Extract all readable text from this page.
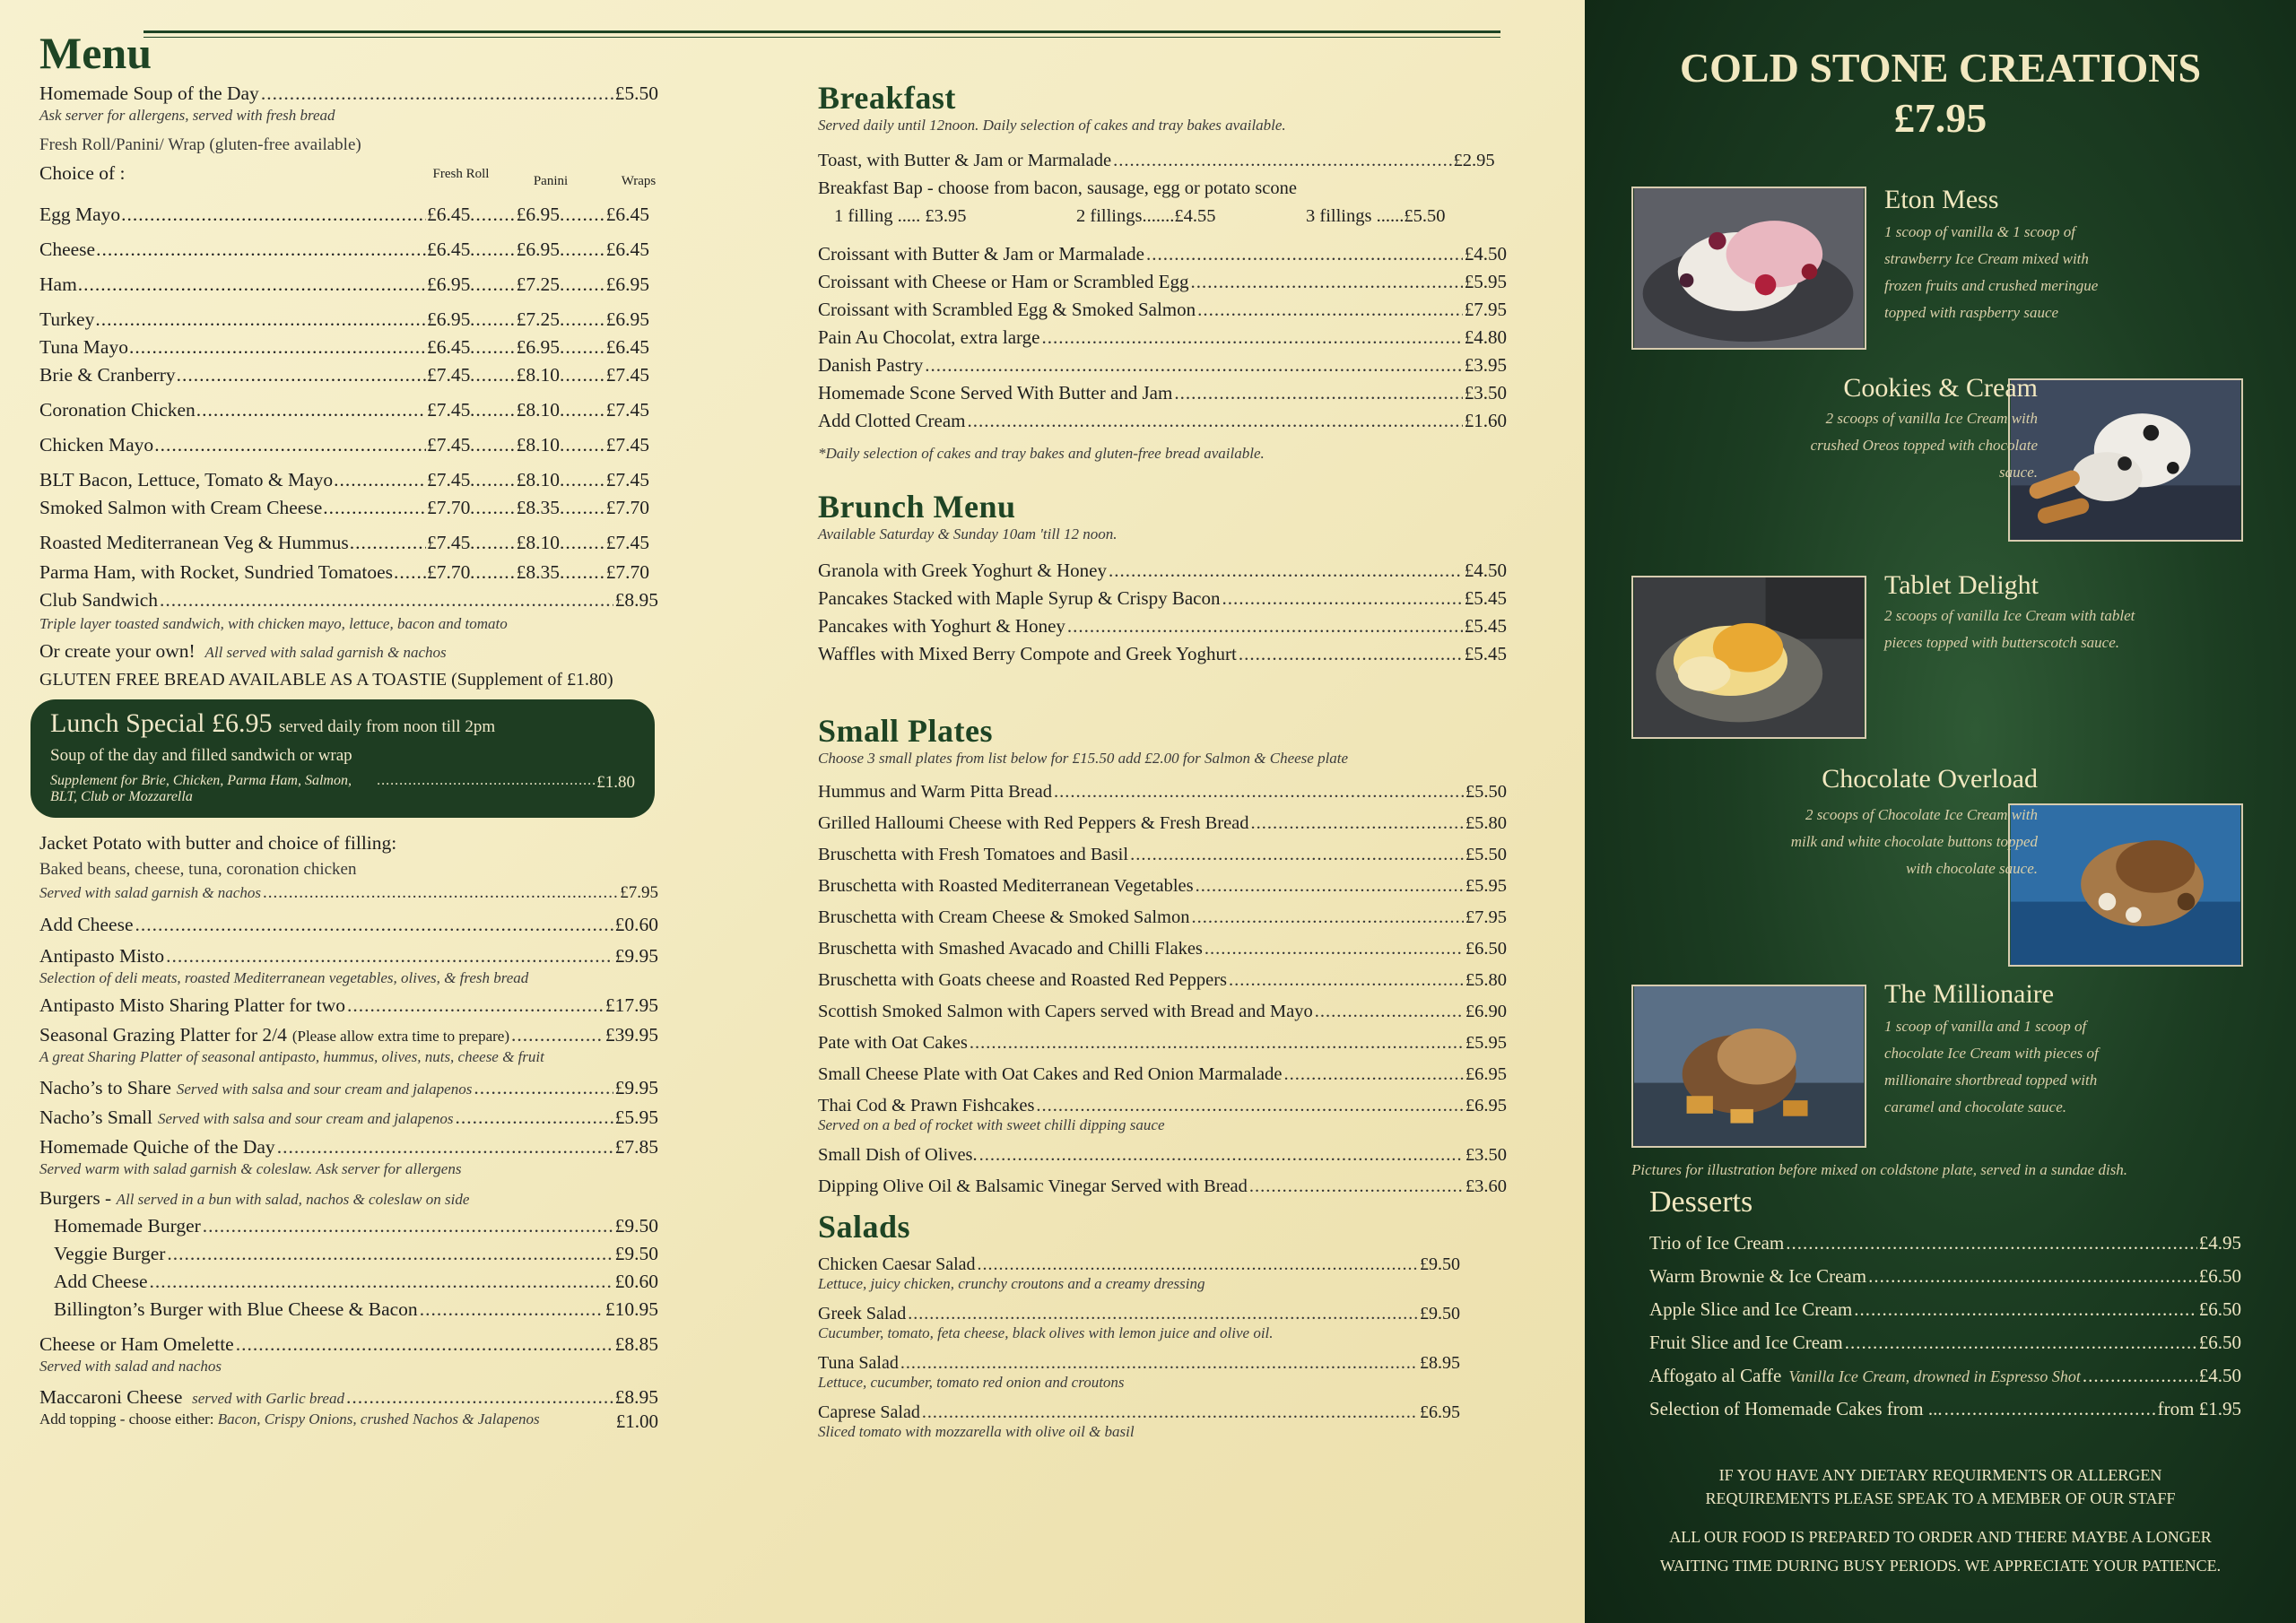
Menu
Homemade Soup of the Day .....	£5.50
Ask server for allergens, served with fresh bread
Fresh Roll/Panini/ Wrap (gluten-free available)
Choice of :	Fresh Roll	Panini	Wraps
Egg Mayo .....	£6.45 ..... £6.95 ..... £6.45
Cheese .....	£6.45 ..... £6.95 ..... £6.45
Ham .....	£6.95 ..... £7.25 ..... £6.95
Turkey .....	£6.95 ..... £7.25 ..... £6.95
Tuna Mayo .....	£6.45 ..... £6.95 ..... £6.45
Brie & Cranberry .....	£7.45 ..... £8.10 ..... £7.45
Coronation Chicken .....	£7.45 ..... £8.10 ..... £7.45
Chicken Mayo .....	£7.45 ..... £8.10 ..... £7.45
BLT Bacon, Lettuce, Tomato & Mayo .....	£7.45 ..... £8.10 ..... £7.45
Smoked Salmon with Cream Cheese .....	£7.70 ..... £8.35 ..... £7.70
Roasted Mediterranean Veg & Hummus .....	£7.45 ..... £8.10 ..... £7.45
Parma Ham, with Rocket, Sundried Tomatoes ..... £7.70 ..... £8.35 ..... £7.70
Club Sandwich .....	£8.95
Triple layer toasted sandwich, with chicken mayo, lettuce, bacon and tomato
Or create your own! All served with salad garnish & nachos
GLUTEN FREE BREAD AVAILABLE AS A TOASTIE (Supplement of £1.80)
Lunch Special £6.95 served daily from noon till 2pm
Soup of the day and filled sandwich or wrap
Supplement for Brie, Chicken, Parma Ham, Salmon, BLT, Club or Mozzarella
.....
£1.80
Jacket Potato with butter and choice of filling:
Baked beans, cheese, tuna, coronation chicken
Served with salad garnish & nachos .....	£7.95
Add Cheese .....	£0.60
Antipasto Misto .....	£9.95
Selection of deli meats, roasted Mediterranean vegetables, olives, & fresh bread
Antipasto Misto Sharing Platter for two .....	£17.95
Seasonal Grazing Platter for 2/4 (Please allow extra time to prepare) .....	£39.95
A great Sharing Platter of seasonal antipasto, hummus, olives, nuts, cheese & fruit
Nacho’s to Share Served with salsa and sour cream and jalapenos .....	£9.95
Nacho’s Small Served with salsa and sour cream and jalapenos .....	£5.95
Homemade Quiche of the Day .....	£7.85
Served warm with salad garnish & coleslaw. Ask server for allergens
Burgers - All served in a bun with salad, nachos & coleslaw on side
Homemade Burger .....	£9.50
Veggie Burger .....	£9.50
Add Cheese .....	£0.60
Billington’s Burger with Blue Cheese & Bacon .....	£10.95
Cheese or Ham Omelette .....	£8.85
Served with salad and nachos
Maccaroni Cheese
served with Garlic bread .....	£8.95
Add topping - choose either:
Bacon, Crispy Onions, crushed Nachos & Jalapenos	£1.00
Breakfast
Served daily until 12noon. Daily selection of cakes and tray bakes available.
Toast, with Butter & Jam or Marmalade .....	£2.95
Breakfast Bap - choose from bacon, sausage, egg or potato scone
1 filling ..... £3.95	2 fillings.......£4.55	3 fillings ......£5.50
Croissant with Butter & Jam or Marmalade .....	£4.50
Croissant with Cheese or Ham or Scrambled Egg .....	£5.95
Croissant with Scrambled Egg & Smoked Salmon .....	£7.95
Pain Au Chocolat, extra large .....	£4.80
Danish Pastry .....	£3.95
Homemade Scone Served With Butter and Jam .....	£3.50
Add Clotted Cream .....	£1.60
*Daily selection of cakes and tray bakes and gluten-free bread available.
Brunch Menu
Available Saturday & Sunday 10am 'till 12 noon.
Granola with Greek Yoghurt & Honey .....	£4.50
Pancakes Stacked with Maple Syrup & Crispy Bacon .....	£5.45
Pancakes with Yoghurt & Honey .....	£5.45
Waffles with Mixed Berry Compote and Greek Yoghurt .....	£5.45
Small Plates
Choose 3 small plates from list below for £15.50 add £2.00 for Salmon & Cheese plate
Hummus and Warm Pitta Bread .....	£5.50
Grilled Halloumi Cheese with Red Peppers & Fresh Bread .....	£5.80
Bruschetta with Fresh Tomatoes and Basil .....	£5.50
Bruschetta with Roasted Mediterranean Vegetables .....	£5.95
Bruschetta with Cream Cheese & Smoked Salmon .....	£7.95
Bruschetta with Smashed Avacado and Chilli Flakes .....	£6.50
Bruschetta with Goats cheese and Roasted Red Peppers .....	£5.80
Scottish Smoked Salmon with Capers served with Bread and Mayo .....	£6.90
Pate with Oat Cakes .....	£5.95
Small Cheese Plate with Oat Cakes and Red Onion Marmalade .....	£6.95
Thai Cod & Prawn Fishcakes .....	£6.95
Served on a bed of rocket with sweet chilli dipping sauce
Small Dish of Olives. .....	£3.50
Dipping Olive Oil & Balsamic Vinegar Served with Bread .....	£3.60
Salads
Chicken Caesar Salad .....	£9.50
Lettuce, juicy chicken, crunchy croutons and a creamy dressing
Greek Salad .....	£9.50
Cucumber, tomato, feta cheese, black olives with lemon juice and olive oil.
Tuna Salad .....	£8.95
Lettuce, cucumber, tomato red onion and croutons
Caprese Salad .....	£6.95
Sliced tomato with mozzarella with olive oil & basil
COLD STONE CREATIONS
£7.95
Eton Mess
1 scoop of vanilla & 1 scoop of
strawberry Ice Cream mixed with
frozen fruits and crushed meringue
topped with raspberry sauce
Cookies & Cream
2 scoops of vanilla Ice Cream with
crushed Oreos topped with chocolate
sauce.
Tablet Delight
2 scoops of vanilla Ice Cream with tablet
pieces topped with butterscotch sauce.
Chocolate Overload
2 scoops of Chocolate Ice Cream with
milk and white chocolate buttons topped
with chocolate sauce.
The Millionaire
1 scoop of vanilla and 1 scoop of
chocolate Ice Cream with pieces of
millionaire shortbread topped with
caramel and chocolate sauce.
Pictures for illustration before mixed on coldstone plate, served in a sundae dish.
Desserts
Trio of Ice Cream .....	£4.95
Warm Brownie & Ice Cream .....	£6.50
Apple Slice and Ice Cream .....	£6.50
Fruit Slice and Ice Cream .....	£6.50
Affogato al Caffe Vanilla Ice Cream, drowned in Espresso Shot .....	£4.50
Selection of Homemade Cakes from ... .....	from £1.95
IF YOU HAVE ANY DIETARY REQUIRMENTS OR ALLERGEN
REQUIREMENTS PLEASE SPEAK TO A MEMBER OF OUR STAFF
ALL OUR FOOD IS PREPARED TO ORDER AND THERE MAYBE A LONGER
WAITING TIME DURING BUSY PERIODS. WE APPRECIATE YOUR PATIENCE.
